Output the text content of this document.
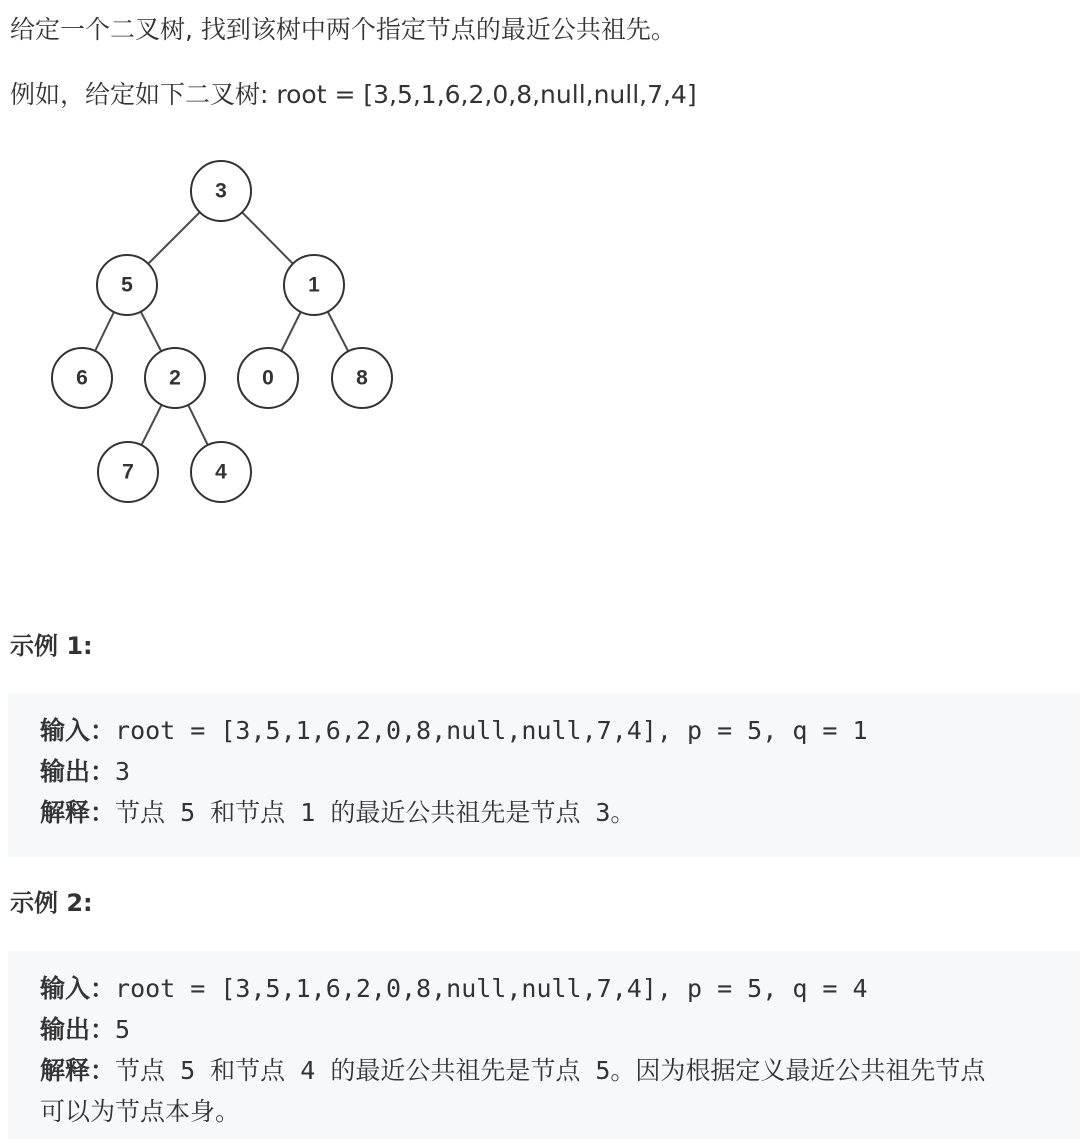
给定一个二叉树, 找到该树中两个指定节点的最近公共祖先。

例如，给定如下二叉树: root = [3,5,1,6,2,0,8,null,null,7,4]

3
5	1
6	2	0	8
7	4
示例 1:
输入：root = [3,5,1,6,2,0,8,null,null,7,4], p = 5, q = 1
输出：3
解释：节点 5 和节点 1 的最近公共祖先是节点 3。
示例 2:
输入：root = [3,5,1,6,2,0,8,null,null,7,4], p = 5, q = 4
输出：5
解释：节点 5 和节点 4 的最近公共祖先是节点 5。因为根据定义最近公共祖先节点
可以为节点本身。
